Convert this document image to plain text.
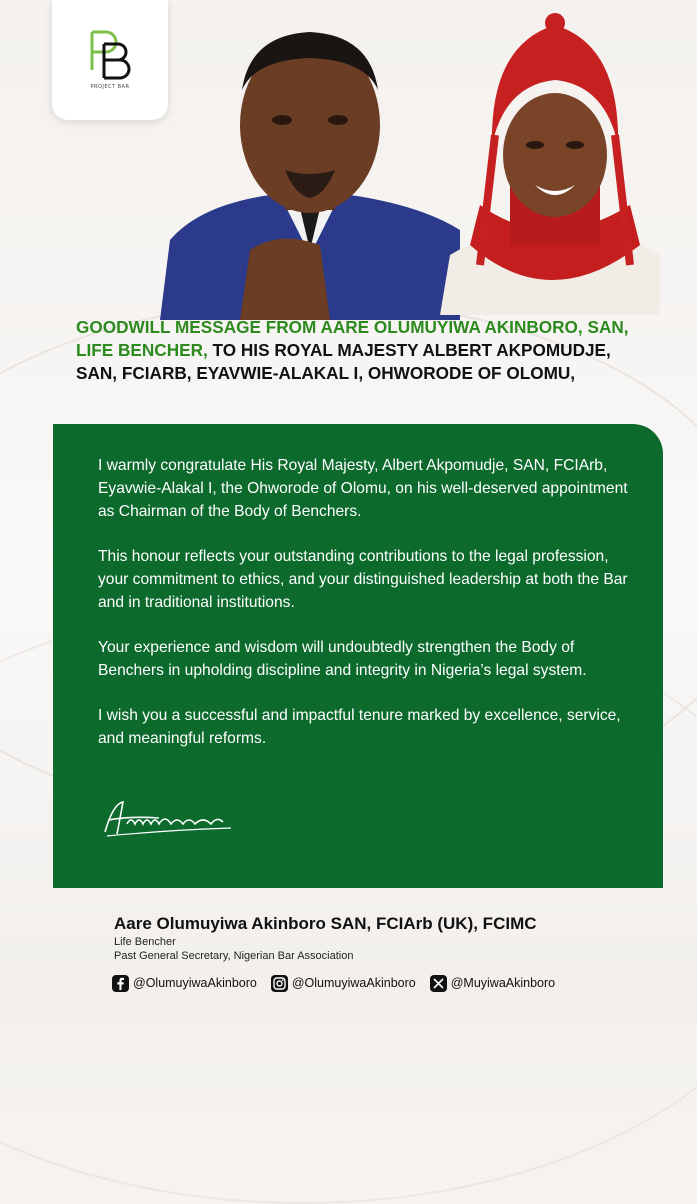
PROJECT BAR
GOODWILL MESSAGE FROM AARE OLUMUYIWA AKINBORO, SAN, LIFE BENCHER, TO HIS ROYAL MAJESTY ALBERT AKPOMUDJE, SAN, FCIARB, EYAVWIE-ALAKAL I, OHWORODE OF OLOMU,

I warmly congratulate His Royal Majesty, Albert Akpomudje, SAN, FCIArb, Eyavwie-Alakal I, the Ohworode of Olomu, on his well-deserved appointment as Chairman of the Body of Benchers.

This honour reflects your outstanding contributions to the legal profession, your commitment to ethics, and your distinguished leadership at both the Bar and in traditional institutions.

Your experience and wisdom will undoubtedly strengthen the Body of Benchers in upholding discipline and integrity in Nigeria’s legal system.

I wish you a successful and impactful tenure marked by excellence, service, and meaningful reforms.

Aare Olumuyiwa Akinboro SAN, FCIArb (UK), FCIMC
Life Bencher
Past General Secretary, Nigerian Bar Association
@OlumuyiwaAkinboro	@OlumuyiwaAkinboro	@MuyiwaAkinboro
